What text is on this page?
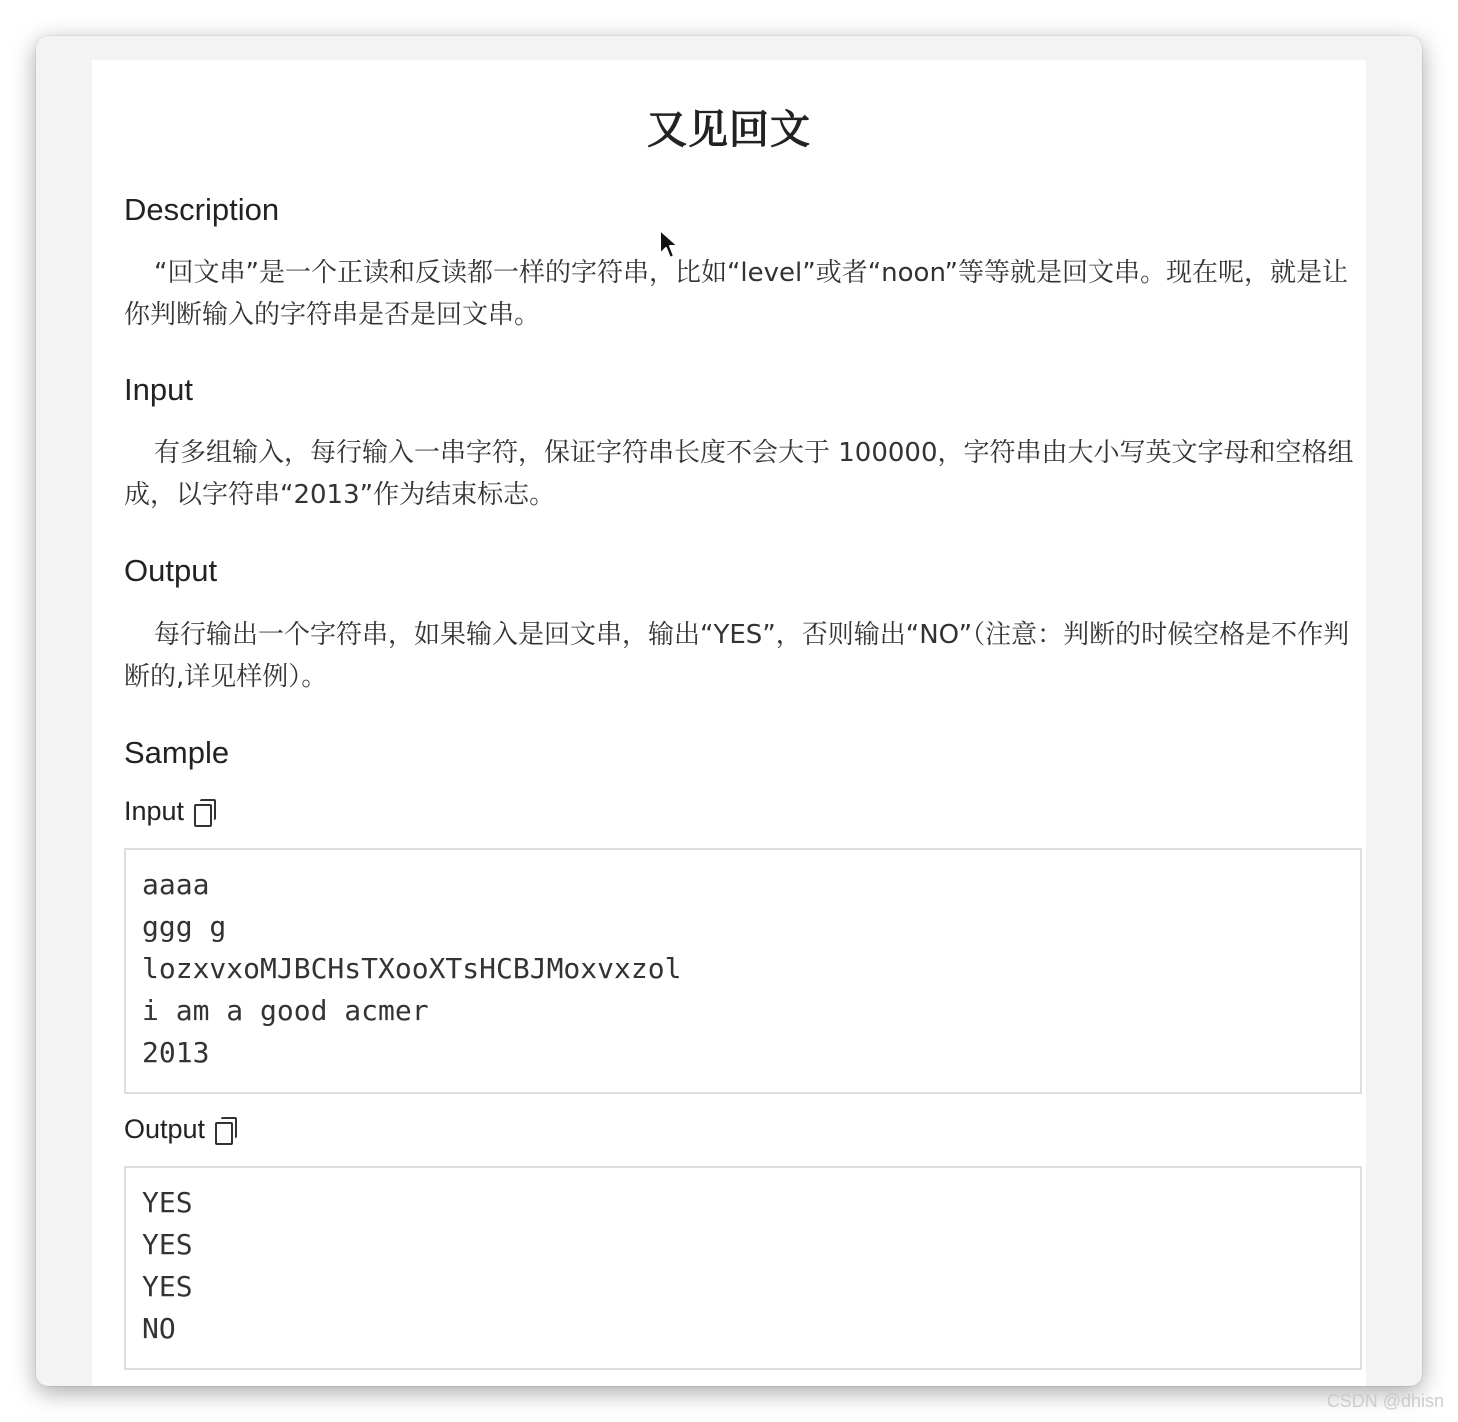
又见回文
Description
“回文串”是一个正读和反读都一样的字符串，比如“level”或者“noon”等等就是回文串。现在呢，就是让你判断输入的字符串是否是回文串。
Input
有多组输入，每行输入一串字符，保证字符串长度不会大于 100000，字符串由大小写英文字母和空格组成，以字符串“2013”作为结束标志。
Output
每行输出一个字符串，如果输入是回文串，输出“YES”，否则输出“NO”（注意：判断的时候空格是不作判断的,详见样例）。
Sample
Input
aaaa
ggg g
lozxvxoMJBCHsTXooXTsHCBJMoxvxzol
i am a good acmer
2013
Output
YES
YES
YES
NO
CSDN @dhisn
